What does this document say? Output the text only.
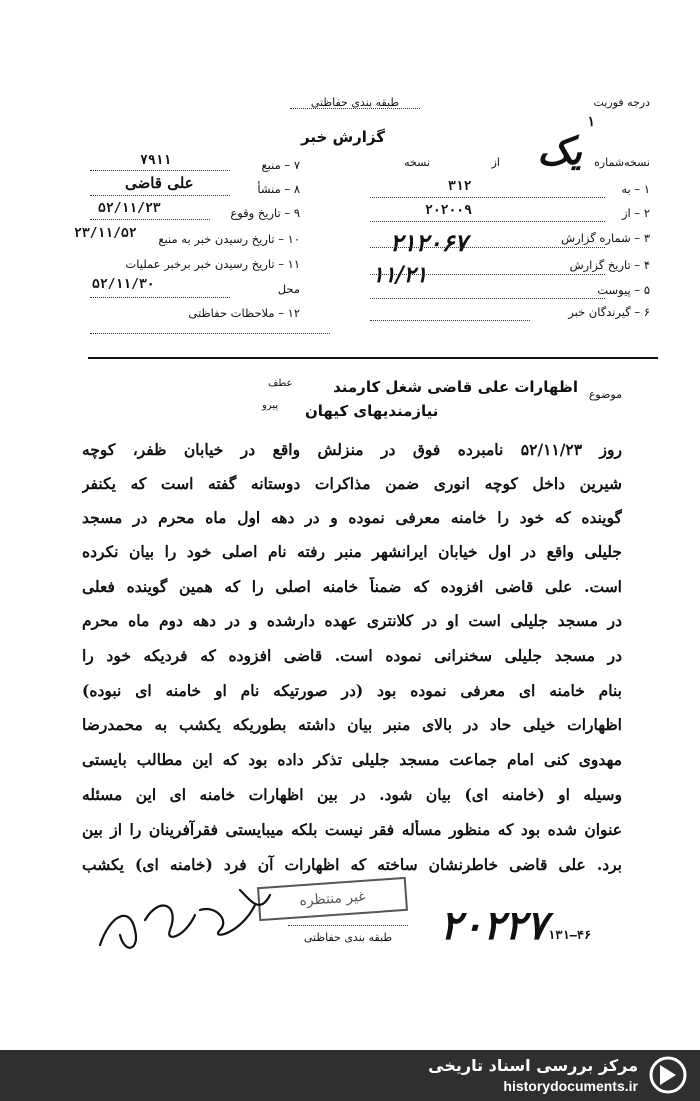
طبقه بندی حفاظتی	درجه فوریت
۱
گزارش خبر
نسخه‌شماره
از
نسخه	یک
۱ – به
۳۱۲
۲ – از
۲۰۲۰۰۹
۳ – شماره گزارش
۲۱۲۰۶۷
۴ – تاریخ گزارش
۱۱/۲۱
۵ – پیوست
۶ – گیرندگان خبر
۷ – منبع
۷۹۱۱
۸ – منشأ
علی قاضی
۹ – تاریخ وقوع
۵۲/۱۱/۲۳
۱۰ – تاریخ رسیدن خبر به منبع
۲۳/۱۱/۵۲
۱۱ – تاریخ رسیدن خبر برخبر عملیات
۵۲/۱۱/۳۰	محل
۱۲ – ملاحظات حفاظتی
موضوع
اظهارات علی قاضی شغل کارمند
عطف
پیرو نیازمندیهای کیهان
روز ۵۲/۱۱/۲۳ نامبرده فوق در منزلش واقع در خیابان ظفر، کوچه
شیرین داخل کوچه انوری ضمن مذاکرات دوستانه گفته است که یکنفر
گوینده که خود را خامنه معرفی نموده و در دهه اول ماه محرم در مسجد
جلیلی واقع در اول خیابان ایرانشهر منبر رفته نام اصلی خود را بیان نکرده
است. علی قاضی افزوده که ضمناً خامنه اصلی را که همین گوینده فعلی
در مسجد جلیلی است او در کلانتری عهده دارشده و در دهه دوم ماه محرم
در مسجد جلیلی سخنرانی نموده است. قاضی افزوده که فردیکه خود را
بنام خامنه ای معرفی نموده بود (در صورتیکه نام او خامنه ای نبوده)
اظهارات خیلی حاد در بالای منبر بیان داشته بطوریکه یکشب به محمدرضا
مهدوی کنی امام جماعت مسجد جلیلی تذکر داده بود که این مطالب بایستی
وسیله او (خامنه ای) بیان شود. در بین اظهارات خامنه ای این مسئله
عنوان شده بود که منظور مسأله فقر نیست بلکه میبایستی فقرآفرینان را از بین
برد. علی قاضی خاطرنشان ساخته که اظهارات آن فرد (خامنه ای) یکشب
غیر منتظره
طبقه بندی حفاظتی	۱۳۱–۴۶
۲۰۲۲۷
مرکز بررسی اسناد تاریخی
historydocuments.ir
